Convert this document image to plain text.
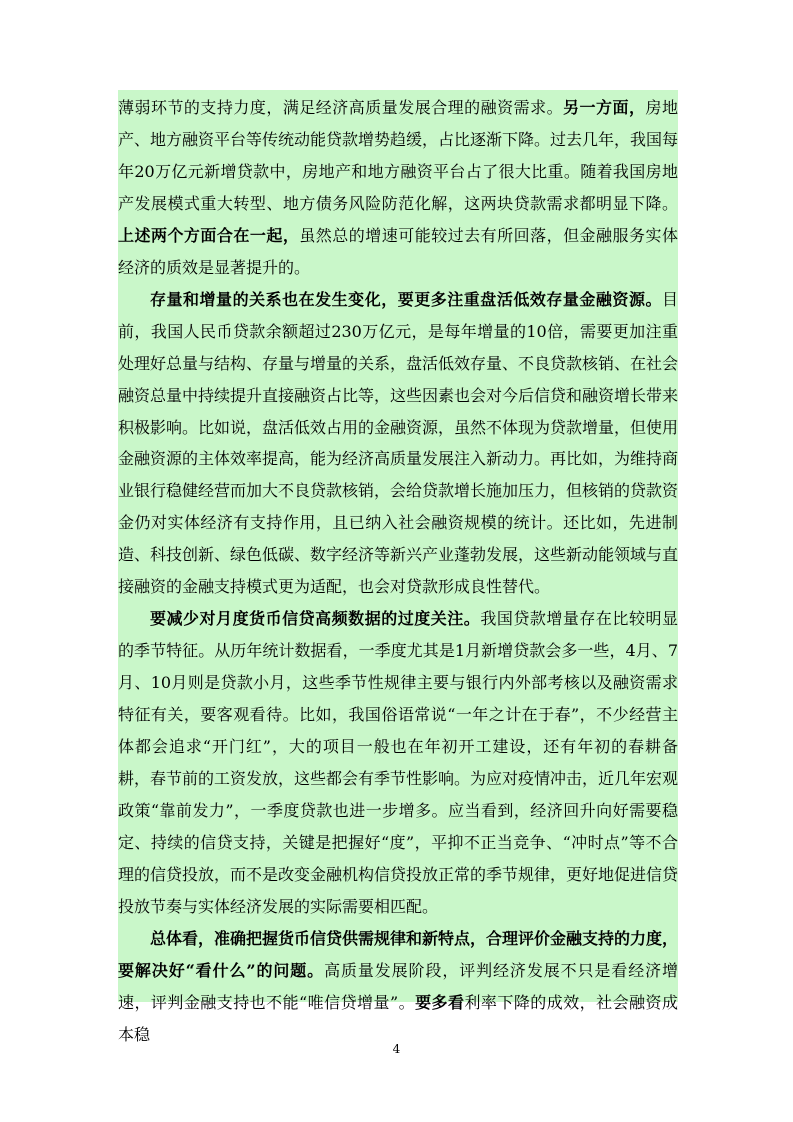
薄弱环节的支持力度，满足经济高质量发展合理的融资需求。另一方面，房地产、地方融资平台等传统动能贷款增势趋缓，占比逐渐下降。过去几年，我国每年20万亿元新增贷款中，房地产和地方融资平台占了很大比重。随着我国房地产发展模式重大转型、地方债务风险防范化解，这两块贷款需求都明显下降。上述两个方面合在一起，虽然总的增速可能较过去有所回落，但金融服务实体经济的质效是显著提升的。

存量和增量的关系也在发生变化，要更多注重盘活低效存量金融资源。目前，我国人民币贷款余额超过230万亿元，是每年增量的10倍，需要更加注重处理好总量与结构、存量与增量的关系，盘活低效存量、不良贷款核销、在社会融资总量中持续提升直接融资占比等，这些因素也会对今后信贷和融资增长带来积极影响。比如说，盘活低效占用的金融资源，虽然不体现为贷款增量，但使用金融资源的主体效率提高，能为经济高质量发展注入新动力。再比如，为维持商业银行稳健经营而加大不良贷款核销，会给贷款增长施加压力，但核销的贷款资金仍对实体经济有支持作用，且已纳入社会融资规模的统计。还比如，先进制造、科技创新、绿色低碳、数字经济等新兴产业蓬勃发展，这些新动能领域与直接融资的金融支持模式更为适配，也会对贷款形成良性替代。

要减少对月度货币信贷高频数据的过度关注。我国贷款增量存在比较明显的季节特征。从历年统计数据看，一季度尤其是1月新增贷款会多一些，4月、7月、10月则是贷款小月，这些季节性规律主要与银行内外部考核以及融资需求特征有关，要客观看待。比如，我国俗语常说“一年之计在于春”，不少经营主体都会追求“开门红”，大的项目一般也在年初开工建设，还有年初的春耕备耕，春节前的工资发放，这些都会有季节性影响。为应对疫情冲击，近几年宏观政策“靠前发力”，一季度贷款也进一步增多。应当看到，经济回升向好需要稳定、持续的信贷支持，关键是把握好“度”，平抑不正当竞争、“冲时点”等不合理的信贷投放，而不是改变金融机构信贷投放正常的季节规律，更好地促进信贷投放节奏与实体经济发展的实际需要相匹配。

总体看，准确把握货币信贷供需规律和新特点，合理评价金融支持的力度，要解决好“看什么”的问题。高质量发展阶段，评判经济发展不只是看经济增速，评判金融支持也不能“唯信贷增量”。要多看利率下降的成效，社会融资成本稳

4
